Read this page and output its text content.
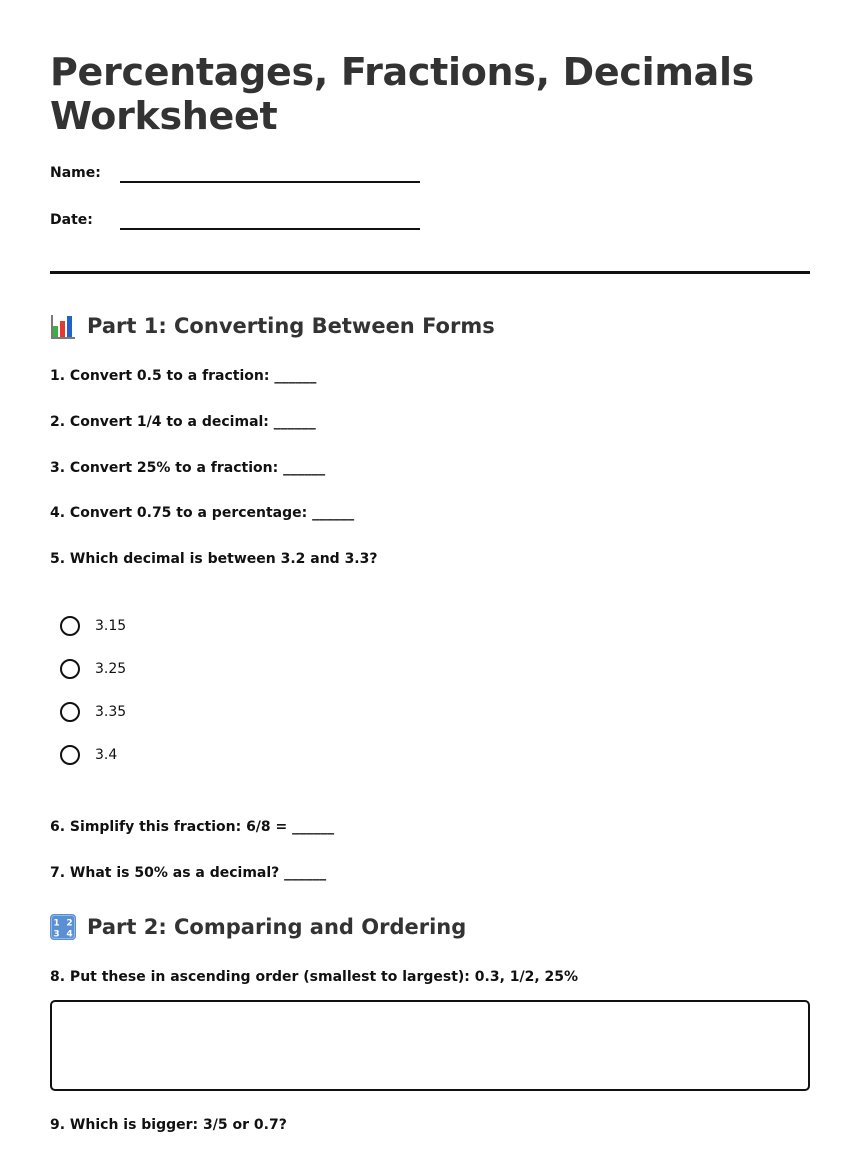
Percentages, Fractions, Decimals Worksheet
Name:
Date:
Part 1: Converting Between Forms
1. Convert 0.5 to a fraction: ______
2. Convert 1/4 to a decimal: ______
3. Convert 25% to a fraction: ______
4. Convert 0.75 to a percentage: ______
5. Which decimal is between 3.2 and 3.3?
3.15
3.25
3.35
3.4
6. Simplify this fraction: 6/8 = ______
7. What is 50% as a decimal? ______
1 2
3 4 Part 2: Comparing and Ordering
8. Put these in ascending order (smallest to largest): 0.3, 1/2, 25%
9. Which is bigger: 3/5 or 0.7?
